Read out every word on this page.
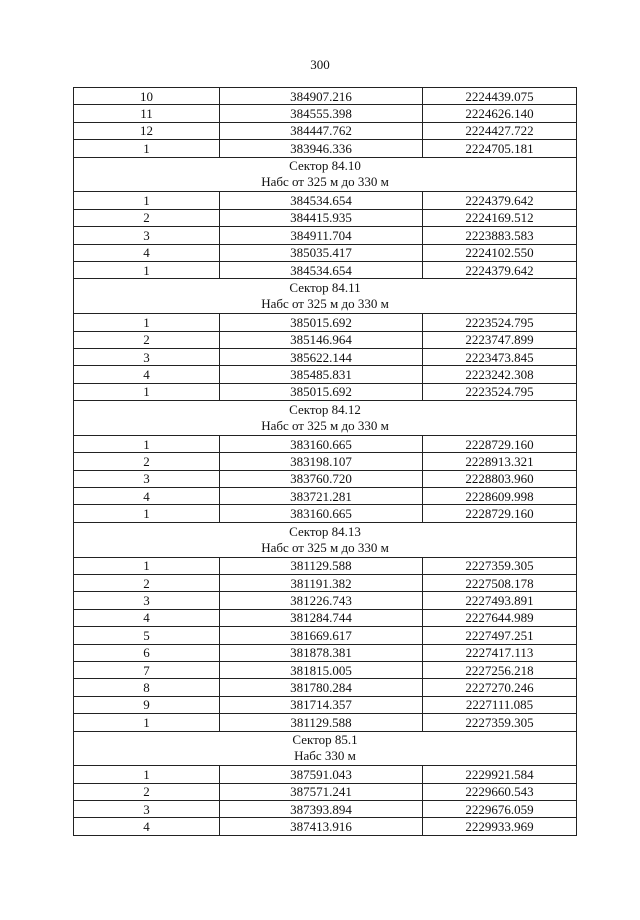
300
10	384907.216	2224439.075
11	384555.398	2224626.140
12	384447.762	2224427.722
1	383946.336	2224705.181

Сектор 84.10
Набс от 325 м до 330 м		

1	384534.654	2224379.642
2	384415.935	2224169.512
3	384911.704	2223883.583
4	385035.417	2224102.550
1	384534.654	2224379.642

Сектор 84.11
Набс от 325 м до 330 м		

1	385015.692	2223524.795
2	385146.964	2223747.899
3	385622.144	2223473.845
4	385485.831	2223242.308
1	385015.692	2223524.795

Сектор 84.12
Набс от 325 м до 330 м		

1	383160.665	2228729.160
2	383198.107	2228913.321
3	383760.720	2228803.960
4	383721.281	2228609.998
1	383160.665	2228729.160

Сектор 84.13
Набс от 325 м до 330 м		

1	381129.588	2227359.305
2	381191.382	2227508.178
3	381226.743	2227493.891
4	381284.744	2227644.989
5	381669.617	2227497.251
6	381878.381	2227417.113
7	381815.005	2227256.218
8	381780.284	2227270.246
9	381714.357	2227111.085
1	381129.588	2227359.305

Сектор 85.1
Набс 330 м		

1	387591.043	2229921.584
2	387571.241	2229660.543
3	387393.894	2229676.059
4	387413.916	2229933.969
